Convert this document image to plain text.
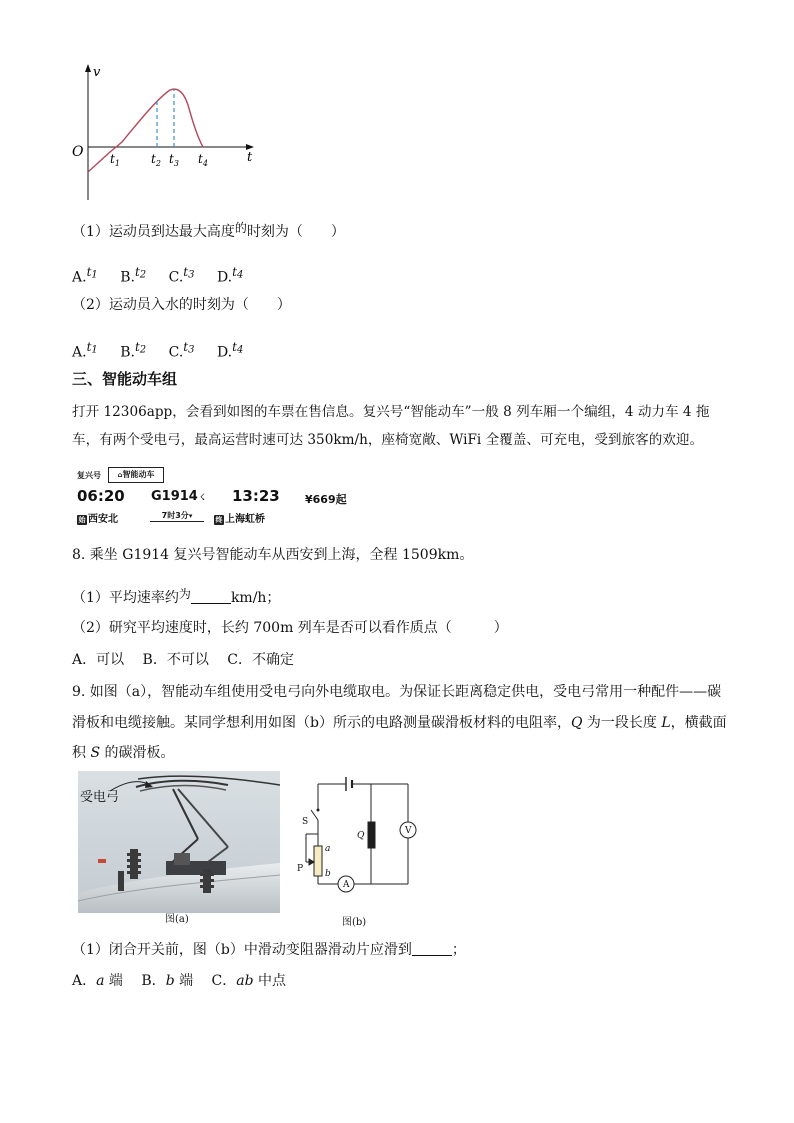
v
t
O $t_1$	$t_2$ $t_3$ $t_4$
（1）运动员到达最大高度的时刻为（　　）
$A.t^1$ $B.t^2$ $C.t^3$ $D.t^4$
（2）运动员入水的时刻为（　　）
$A.t^1$ $B.t^2$ $C.t^3$ $D.t^4$
三、智能动车组
打开 12306app，会看到如图的车票在售信息。复兴号“智能动车”一般 8 列车厢一个编组，4 动力车 4 拖
车，有两个受电弓，最高运营时速可达 350km/h，座椅宽敞、WiFi 全覆盖、可充电，受到旅客的欢迎。
复兴号	⌂智能动车
06:20 G1914 ☇ 13:23 ¥669起
始 西安北	7时3分▾	终 上海虹桥
8. 乘坐 G1914 复兴号智能动车从西安到上海，全程 1509km。
（1）平均速率约为	km/h；
（2）研究平均速度时，长约 700m 列车是否可以看作质点（　　　）
A．可以　 B．不可以　 C．不确定
9. 如图（a），智能动车组使用受电弓向外电缆取电。为保证长距离稳定供电，受电弓常用一种配件——碳
滑板和电缆接触。某同学想利用如图（b）所示的电路测量碳滑板材料的电阻率，Q 为一段长度 L，横截面
积 S 的碳滑板。
受电弓
图(a)
A
V
S
Q
a
b
P
图(b)
（1）闭合开关前，图（b）中滑动变阻器滑动片应滑到	；
A．a 端　 B．b 端　 C．ab 中点
